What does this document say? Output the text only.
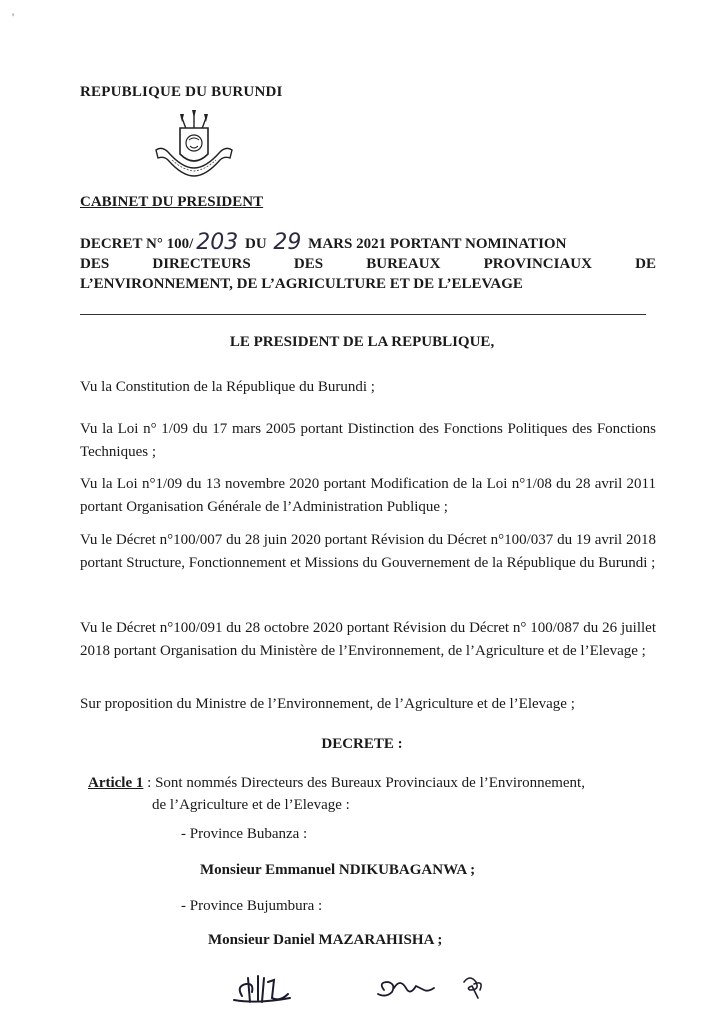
'
REPUBLIQUE DU BURUNDI
CABINET DU PRESIDENT
DECRET N° 100/ 203 DU 29 MARS 2021 PORTANT NOMINATION
DES	DIRECTEURS	DES	BUREAUX	PROVINCIAUX	DE
L’ENVIRONNEMENT, DE L’AGRICULTURE ET DE L’ELEVAGE
LE PRESIDENT DE LA REPUBLIQUE,
Vu la Constitution de la République du Burundi ;
Vu la Loi n° 1/09 du 17 mars 2005 portant Distinction des Fonctions Politiques des Fonctions Techniques ;
Vu la Loi n°1/09 du 13 novembre 2020 portant Modification de la Loi n°1/08 du 28 avril 2011 portant Organisation Générale de l’Administration Publique ;
Vu le Décret n°100/007 du 28 juin 2020 portant Révision du Décret n°100/037 du 19 avril 2018 portant Structure, Fonctionnement et Missions du Gouvernement de la République du Burundi ;
Vu le Décret n°100/091 du 28 octobre 2020 portant Révision du Décret n° 100/087 du 26 juillet 2018 portant Organisation du Ministère de l’Environnement, de l’Agriculture et de l’Elevage ;
Sur proposition du Ministre de l’Environnement, de l’Agriculture et de l’Elevage ;
DECRETE :
Article 1 : Sont nommés Directeurs des Bureaux Provinciaux de l’Environnement,
de l’Agriculture et de l’Elevage :
- Province Bubanza :
Monsieur Emmanuel NDIKUBAGANWA ;
- Province Bujumbura :
Monsieur Daniel MAZARAHISHA ;
